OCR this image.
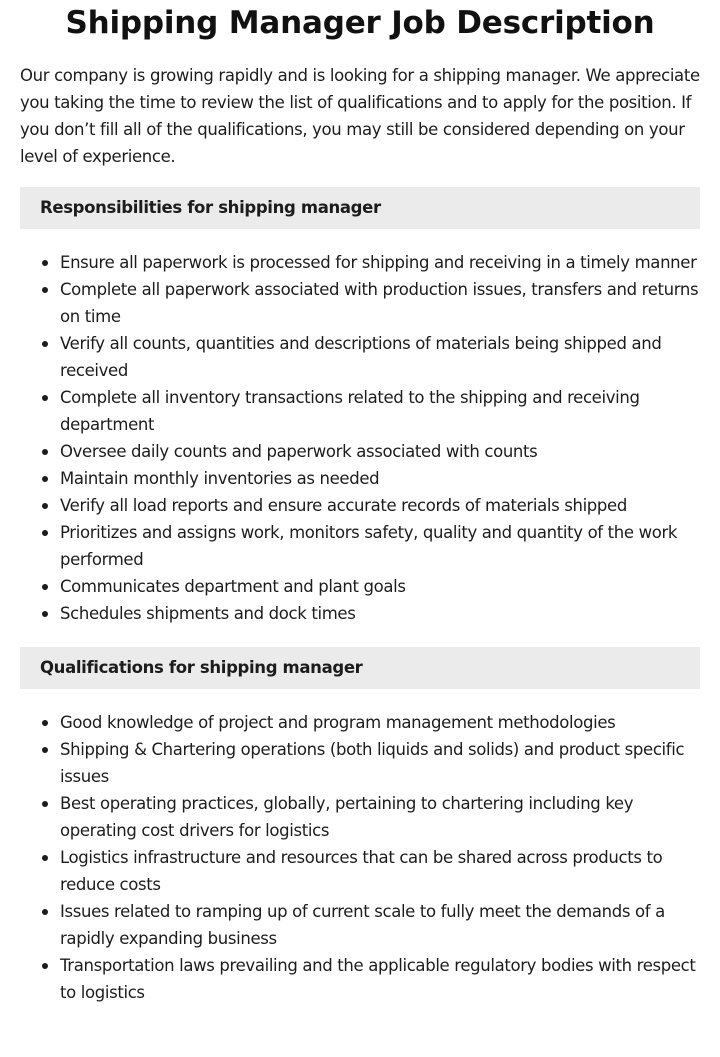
Shipping Manager Job Description

Our company is growing rapidly and is looking for a shipping manager. We appreciate you taking the time to review the list of qualifications and to apply for the position. If you don’t fill all of the qualifications, you may still be considered depending on your level of experience.

Responsibilities for shipping manager
Ensure all paperwork is processed for shipping and receiving in a timely manner
Complete all paperwork associated with production issues, transfers and returns on time
Verify all counts, quantities and descriptions of materials being shipped and received
Complete all inventory transactions related to the shipping and receiving department
Oversee daily counts and paperwork associated with counts
Maintain monthly inventories as needed
Verify all load reports and ensure accurate records of materials shipped
Prioritizes and assigns work, monitors safety, quality and quantity of the work performed
Communicates department and plant goals
Schedules shipments and dock times
Qualifications for shipping manager
Good knowledge of project and program management methodologies
Shipping & Chartering operations (both liquids and solids) and product specific issues
Best operating practices, globally, pertaining to chartering including key operating cost drivers for logistics
Logistics infrastructure and resources that can be shared across products to reduce costs
Issues related to ramping up of current scale to fully meet the demands of a rapidly expanding business
Transportation laws prevailing and the applicable regulatory bodies with respect to logistics
